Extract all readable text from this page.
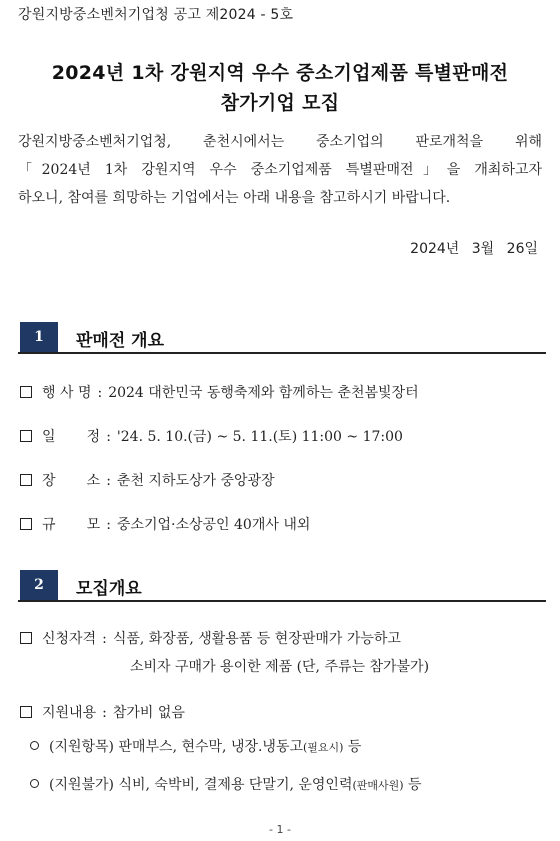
강원지방중소벤처기업청 공고 제2024 - 5호
2024년 1차 강원지역 우수 중소기업제품 특별판매전
참가기업 모집
강원지방중소벤처기업청, 춘천시에서는 중소기업의 판로개척을 위해
「2024년 1차 강원지역 우수 중소기업제품 특별판매전」을 개최하고자
하오니, 참여를 희망하는 기업에서는 아래 내용을 참고하시기 바랍니다.
2024년 3월 26일
1	판매전 개요
행 사 명 : 2024 대한민국 동행축제와 함께하는 춘천봄빛장터
일       정 : '24. 5. 10.(금) ~ 5. 11.(토) 11:00 ~ 17:00
장       소 : 춘천 지하도상가 중앙광장
규       모 : 중소기업·소상공인 40개사 내외
2	모집개요
신청자격 : 식품, 화장품, 생활용품 등 현장판매가 가능하고
소비자 구매가 용이한 제품 (단, 주류는 참가불가)
지원내용 : 참가비 없음
(지원항목) 판매부스, 현수막, 냉장.냉동고(필요시) 등
(지원불가) 식비, 숙박비, 결제용 단말기, 운영인력(판매사원) 등
- 1 -
